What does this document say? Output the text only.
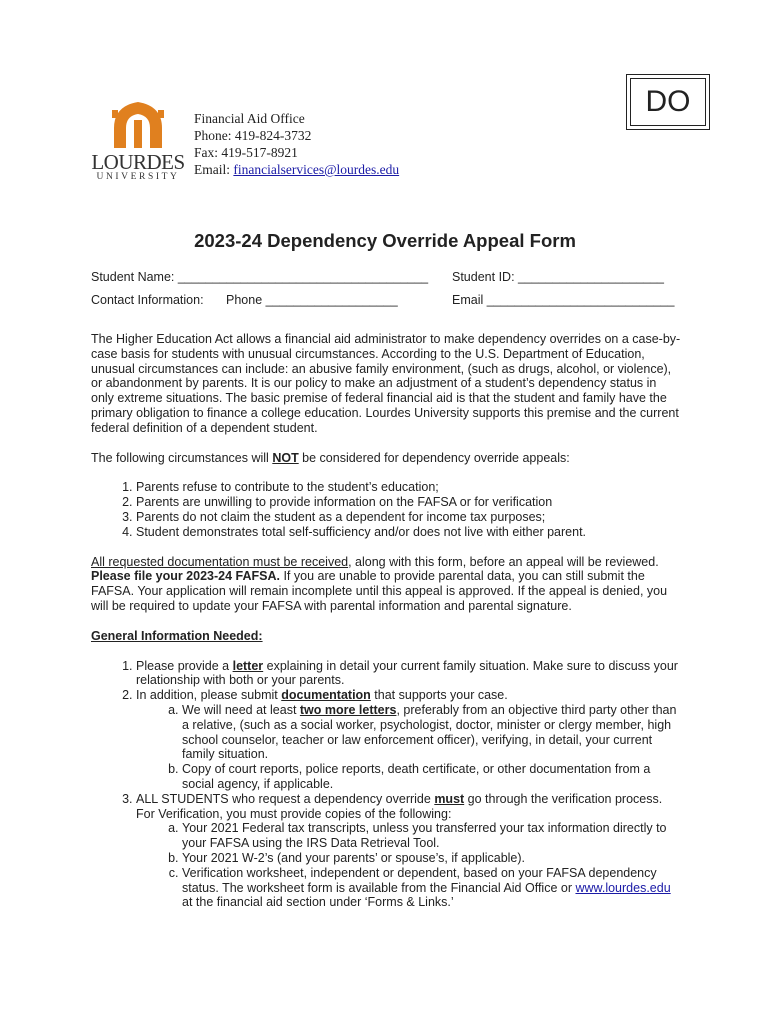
LOURDES
UNIVERSITY
Financial Aid Office
Phone: 419-824-3732
Fax: 419-517-8921
Email: financialservices@lourdes.edu
DO
2023-24 Dependency Override Appeal Form
Student Name: ____________________________________ Student ID: _____________________
Contact Information: Phone ___________________	Email ___________________________

The Higher Education Act allows a financial aid administrator to make dependency overrides on a case-by-case basis for students with unusual circumstances. According to the U.S. Department of Education, unusual circumstances can include: an abusive family environment, (such as drugs, alcohol, or violence), or abandonment by parents. It is our policy to make an adjustment of a student’s dependency status in only extreme situations. The basic premise of federal financial aid is that the student and family have the primary obligation to finance a college education. Lourdes University supports this premise and the current federal definition of a dependent student.

The following circumstances will NOT be considered for dependency override appeals:

1. Parents refuse to contribute to the student’s education;
2. Parents are unwilling to provide information on the FAFSA or for verification
3. Parents do not claim the student as a dependent for income tax purposes;
4. Student demonstrates total self-sufficiency and/or does not live with either parent.

All requested documentation must be received, along with this form, before an appeal will be reviewed. Please file your 2023-24 FAFSA. If you are unable to provide parental data, you can still submit the FAFSA. Your application will remain incomplete until this appeal is approved. If the appeal is denied, you will be required to update your FAFSA with parental information and parental signature.

General Information Needed:

1. Please provide a letter explaining in detail your current family situation. Make sure to discuss your relationship with both or your parents.
2. In addition, please submit documentation that supports your case.
a. We will need at least two more letters, preferably from an objective third party other than a relative, (such as a social worker, psychologist, doctor, minister or clergy member, high school counselor, teacher or law enforcement officer), verifying, in detail, your current family situation.
b. Copy of court reports, police reports, death certificate, or other documentation from a social agency, if applicable.
3. ALL STUDENTS who request a dependency override must go through the verification process. For Verification, you must provide copies of the following:
a. Your 2021 Federal tax transcripts, unless you transferred your tax information directly to your FAFSA using the IRS Data Retrieval Tool.
b. Your 2021 W-2’s (and your parents’ or spouse’s, if applicable).
c. Verification worksheet, independent or dependent, based on your FAFSA dependency status. The worksheet form is available from the Financial Aid Office or www.lourdes.edu at the financial aid section under ‘Forms & Links.’
